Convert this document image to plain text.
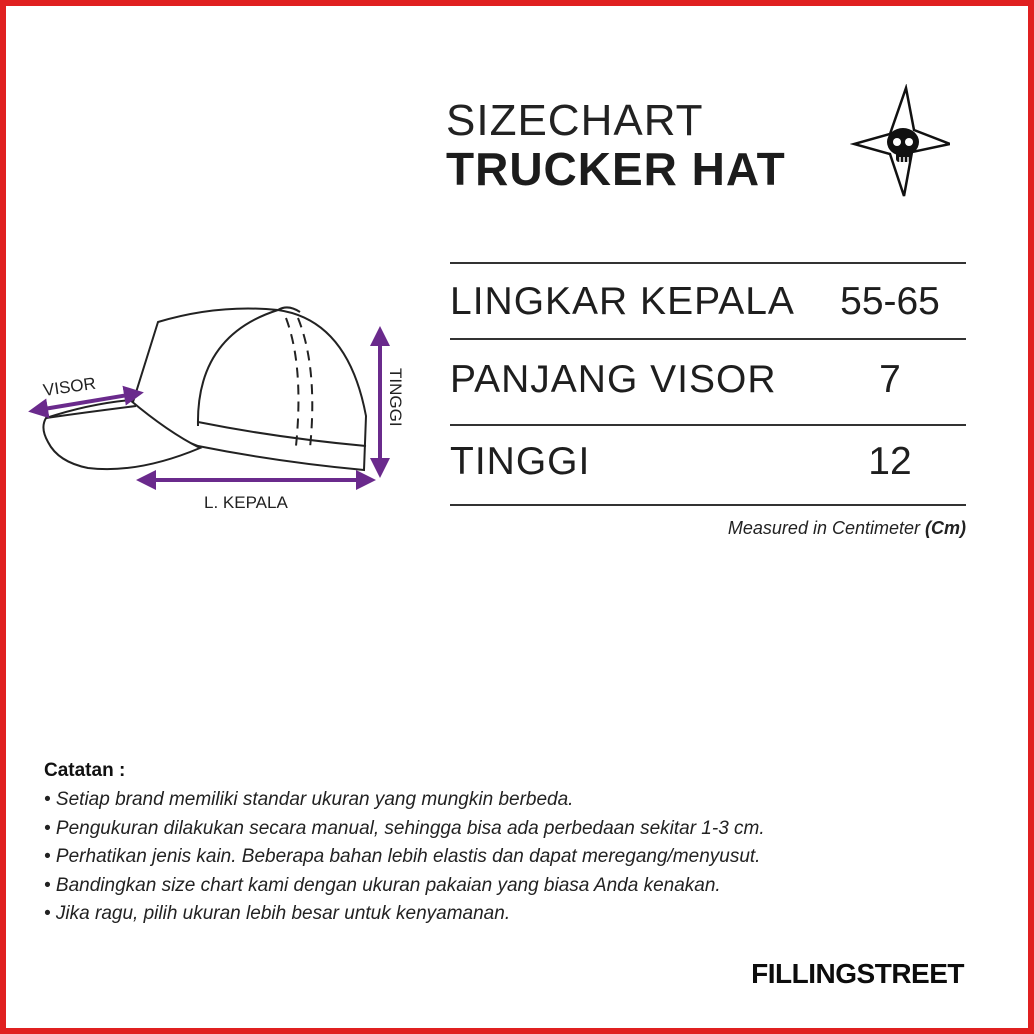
SIZECHART
TRUCKER HAT
LINGKAR KEPALA	55-65
PANJANG VISOR	7
TINGGI	12
Measured in Centimeter (Cm)
VISOR	TINGGI
L. KEPALA
Catatan :
• Setiap brand memiliki standar ukuran yang mungkin berbeda.
• Pengukuran dilakukan secara manual, sehingga bisa ada perbedaan sekitar 1-3 cm.
• Perhatikan jenis kain. Beberapa bahan lebih elastis dan dapat meregang/menyusut.
• Bandingkan size chart kami dengan ukuran pakaian yang biasa Anda kenakan.
• Jika ragu, pilih ukuran lebih besar untuk kenyamanan.
FILLINGSTREET
